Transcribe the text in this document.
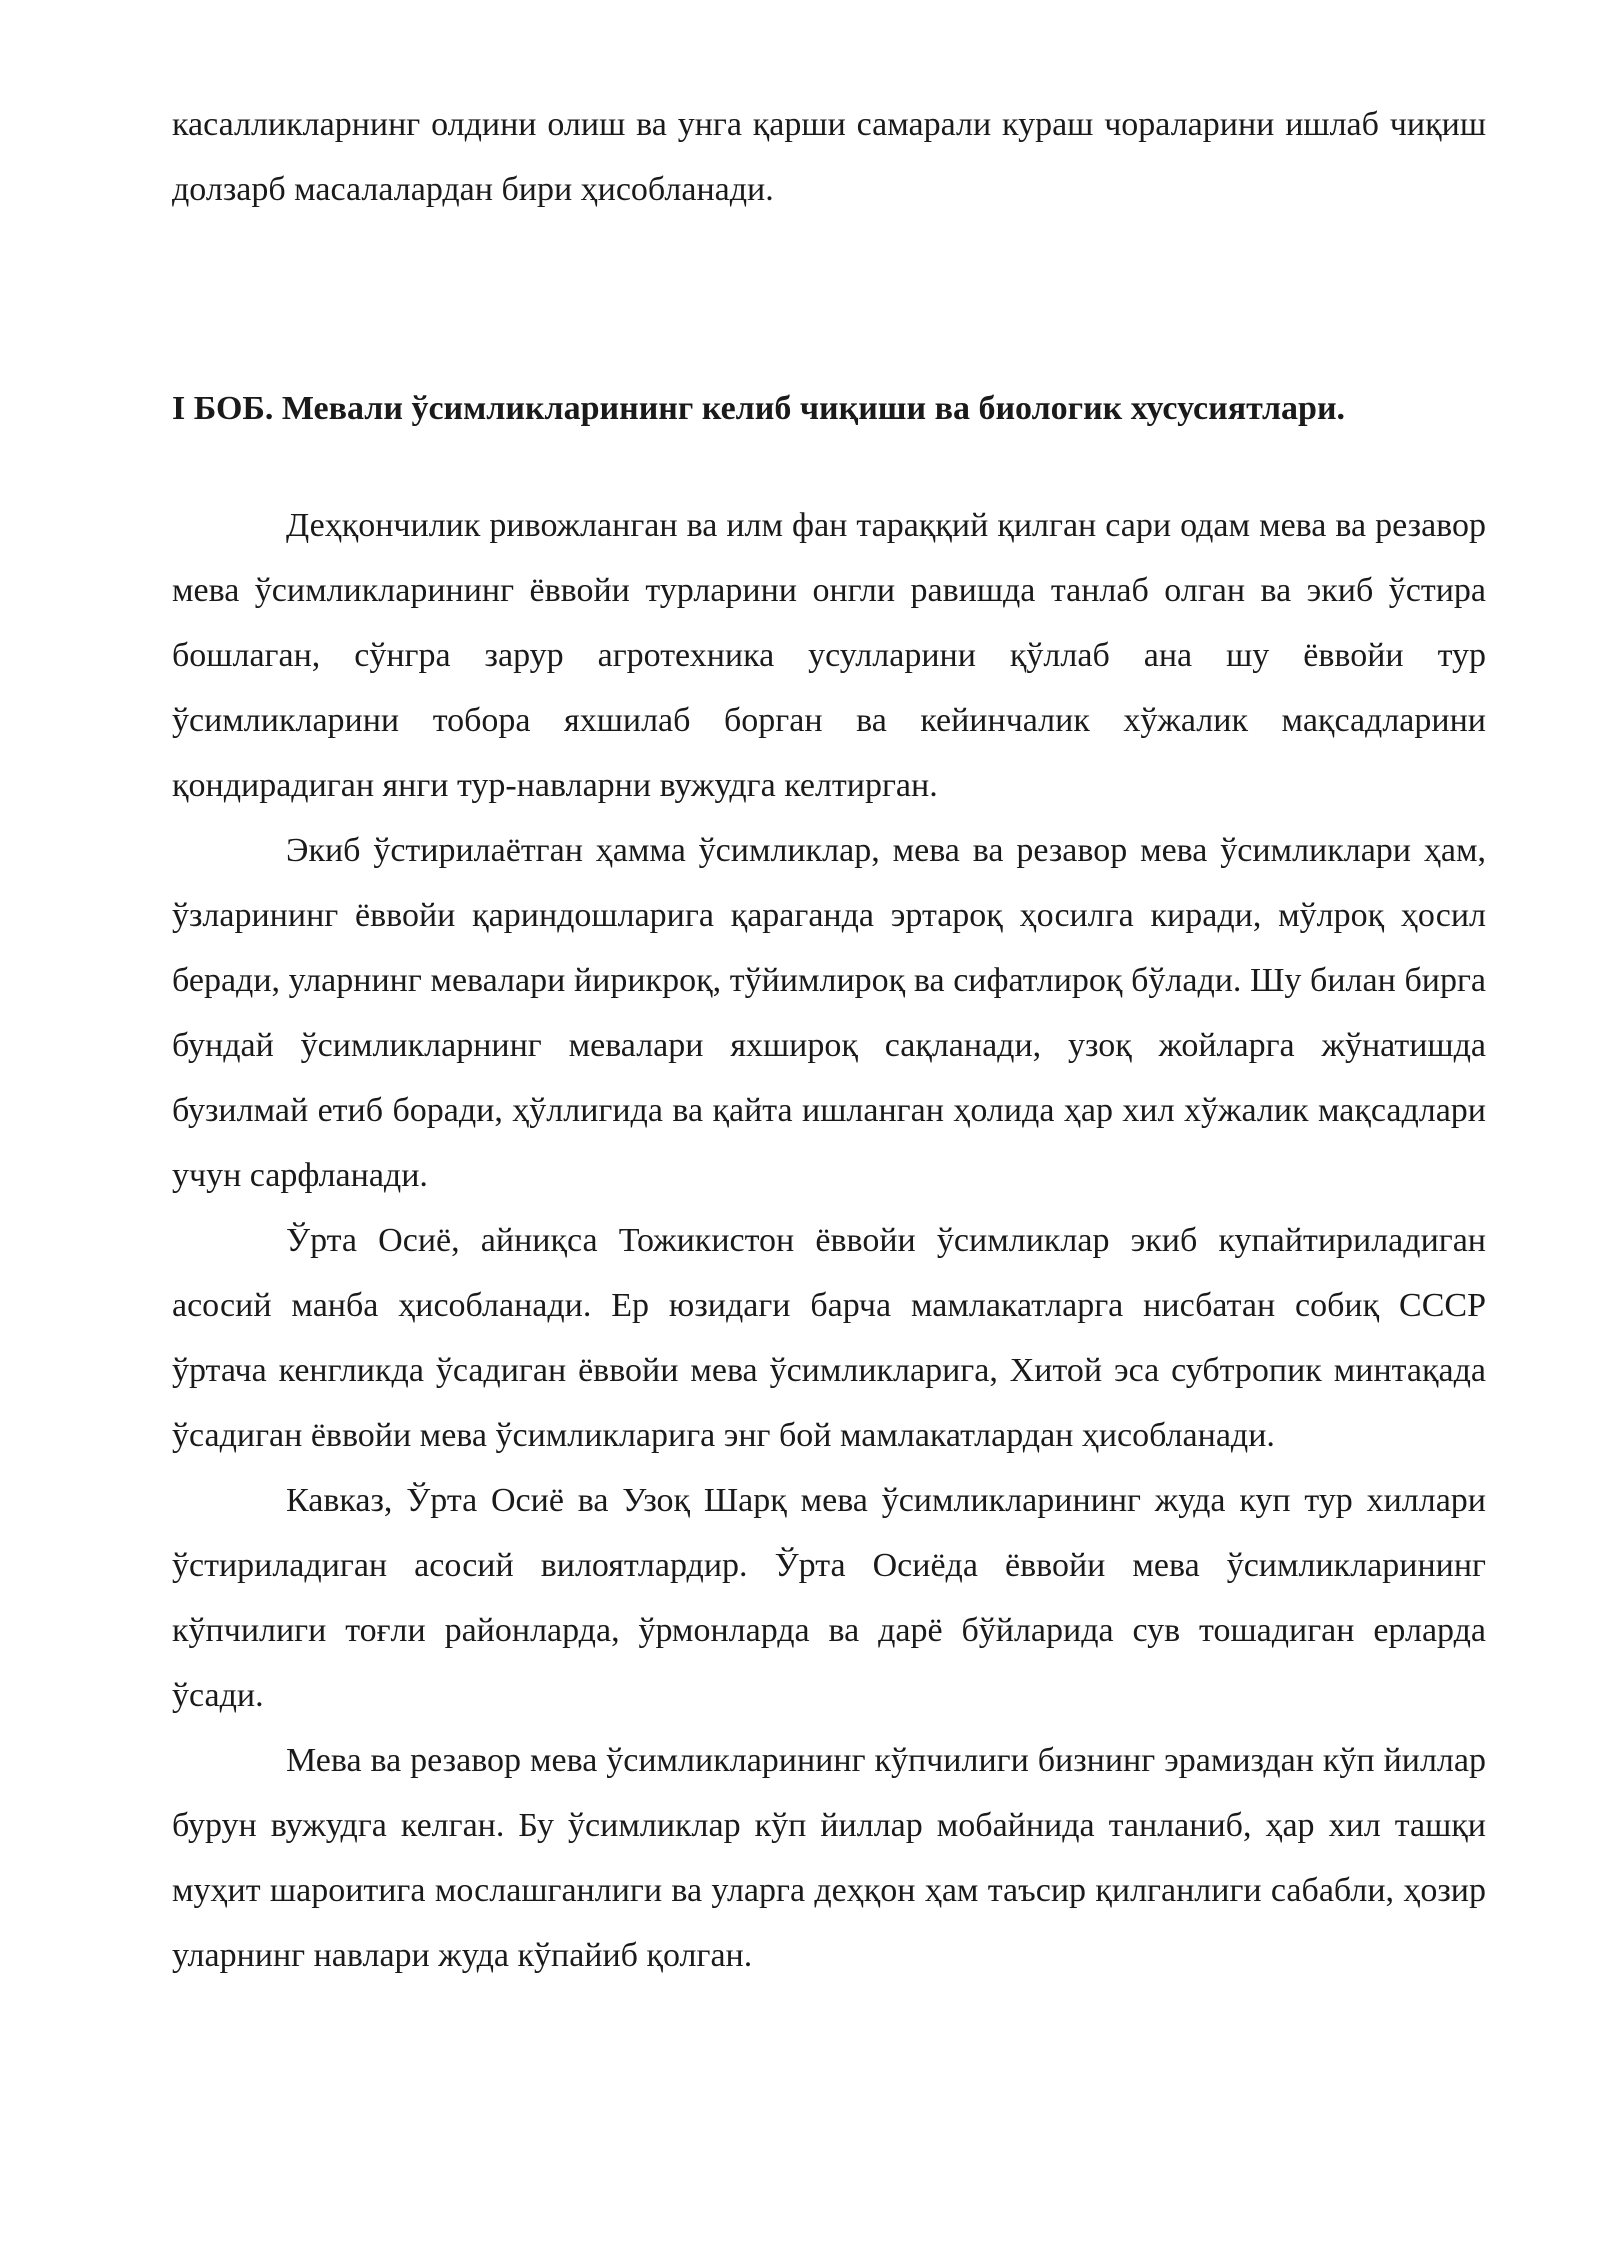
касалликларнинг олдини олиш ва унга қарши самарали кураш чораларини ишлаб чиқиш долзарб масалалардан бири ҳисобланади.

I БОБ. Мевали ўсимликларининг келиб чиқиши ва биологик хусусиятлари.

Деҳқончилик ривожланган ва илм фан тараққий қилган сари одам мева ва резавор мева ўсимликларининг ёввойи турларини онгли равишда танлаб олган ва экиб ўстира бошлаган, сўнгра зарур агротехника усулларини қўллаб ана шу ёввойи тур ўсимликларини тобора яхшилаб борган ва кейинчалик хўжалик мақсадларини қондирадиган янги тур-навларни вужудга келтирган.

Экиб ўстирилаётган ҳамма ўсимликлар, мева ва резавор мева ўсимликлари ҳам, ўзларининг ёввойи қариндошларига қараганда эртароқ ҳосилга киради, мўлроқ ҳосил беради, уларнинг мевалари йирикроқ, тўйимлироқ ва сифатлироқ бўлади. Шу билан бирга бундай ўсимликларнинг мевалари яхшироқ сақланади, узоқ жойларга жўнатишда бузилмай етиб боради, ҳўллигида ва қайта ишланган ҳолида ҳар хил хўжалик мақсадлари учун сарфланади.

Ўрта Осиё, айниқса Тожикистон ёввойи ўсимликлар экиб купайтириладиган асосий манба ҳисобланади. Ер юзидаги барча мамлакатларга нисбатан собиқ СССР ўртача кенгликда ўсадиган ёввойи мева ўсимликларига, Хитой эса субтропик минтақада ўсадиган ёввойи мева ўсимликларига энг бой мамлакатлардан ҳисобланади.

Кавказ, Ўрта Осиё ва Узоқ Шарқ мева ўсимликларининг жуда куп тур хиллари ўстириладиган асосий вилоятлардир. Ўрта Осиёда ёввойи мева ўсимликларининг кўпчилиги тоғли районларда, ўрмонларда ва дарё бўйларида сув тошадиган ерларда ўсади.

Мева ва резавор мева ўсимликларининг кўпчилиги бизнинг эрамиздан кўп йиллар бурун вужудга келган. Бу ўсимликлар кўп йиллар мобайнида танланиб, ҳар хил ташқи муҳит шароитига мослашганлиги ва уларга деҳқон ҳам таъсир қилганлиги сабабли, ҳозир уларнинг навлари жуда кўпайиб қолган.
